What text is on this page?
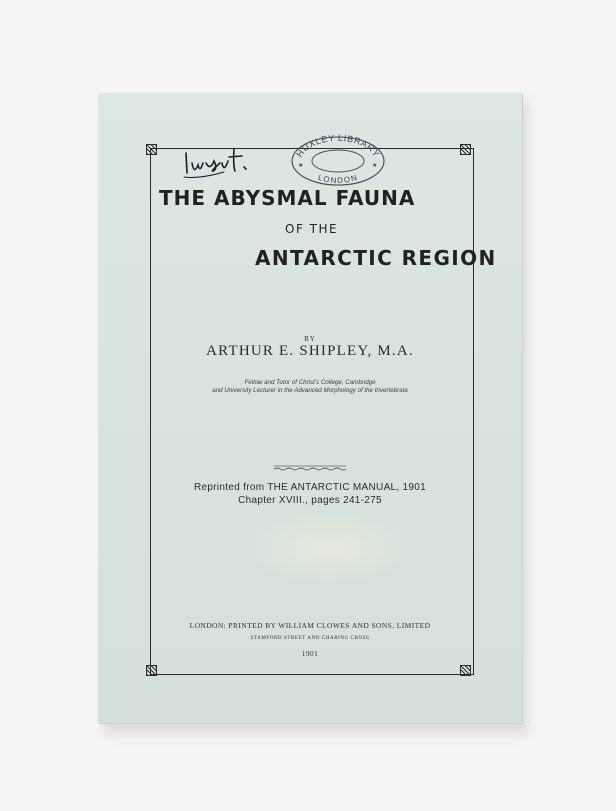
HUXLEY LIBRARY
LONDON
★	★
THE ABYSMAL FAUNA
OF THE
ANTARCTIC REGION
BY
ARTHUR E. SHIPLEY, M.A.
Fellow and Tutor of Christ's College, Cambridge
and University Lecturer in the Advanced Morphology of the Invertebrata
Reprinted from THE ANTARCTIC MANUAL, 1901
Chapter XVIII., pages 241-275
LONDON: PRINTED BY WILLIAM CLOWES AND SONS, LIMITED
STAMFORD STREET AND CHARING CROSS
1901
